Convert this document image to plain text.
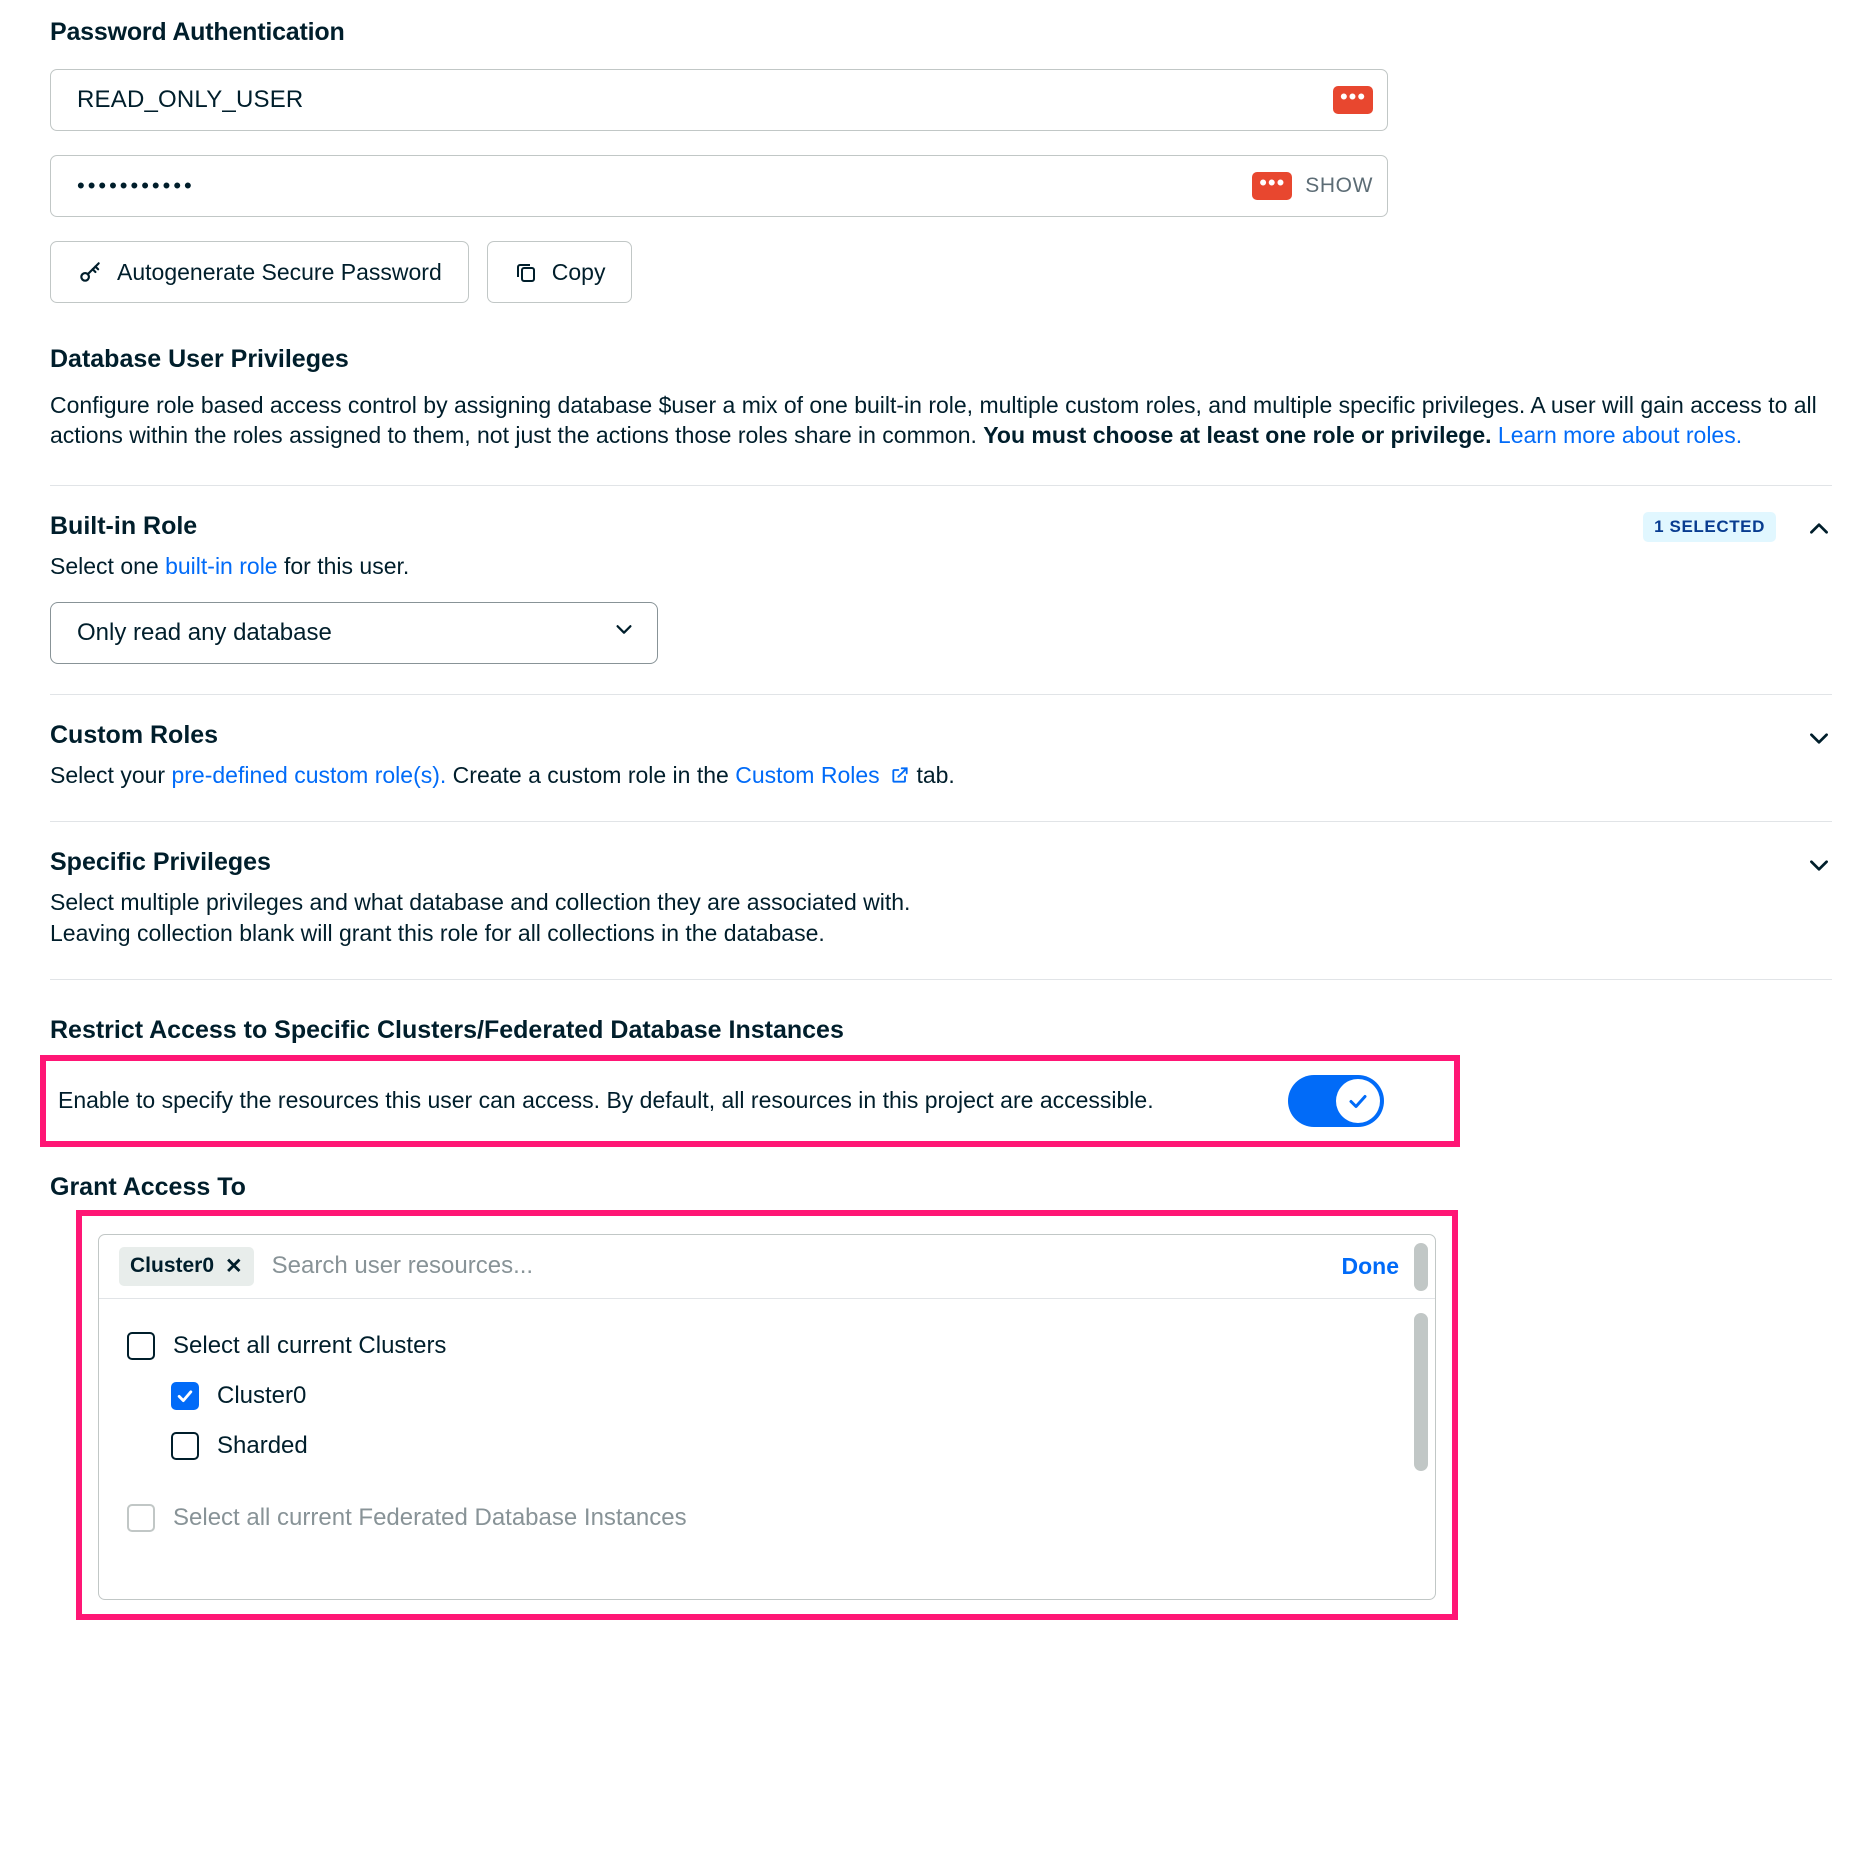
Password Authentication
READ_ONLY_USER	•••
•••••••••••	••• SHOW
Autogenerate Secure Password	Copy
Database User Privileges

Configure role based access control by assigning database $user a mix of one built-in role, multiple custom roles, and multiple specific privileges. A user will gain access to all actions within the roles assigned to them, not just the actions those roles share in common. You must choose at least one role or privilege. Learn more about roles.

Built-in Role
Select one built-in role for this user.
1 SELECTED
Only read any database
Custom Roles
Select your pre-defined custom role(s). Create a custom role in the Custom Roles  tab.
Specific Privileges
Select multiple privileges and what database and collection they are associated with.
Leaving collection blank will grant this role for all collections in the database.
Restrict Access to Specific Clusters/Federated Database Instances
Enable to specify the resources this user can access. By default, all resources in this project are accessible.
Grant Access To
Cluster0 ✕
Search user resources...	Done
Select all current Clusters
Cluster0
Sharded
Select all current Federated Database Instances
